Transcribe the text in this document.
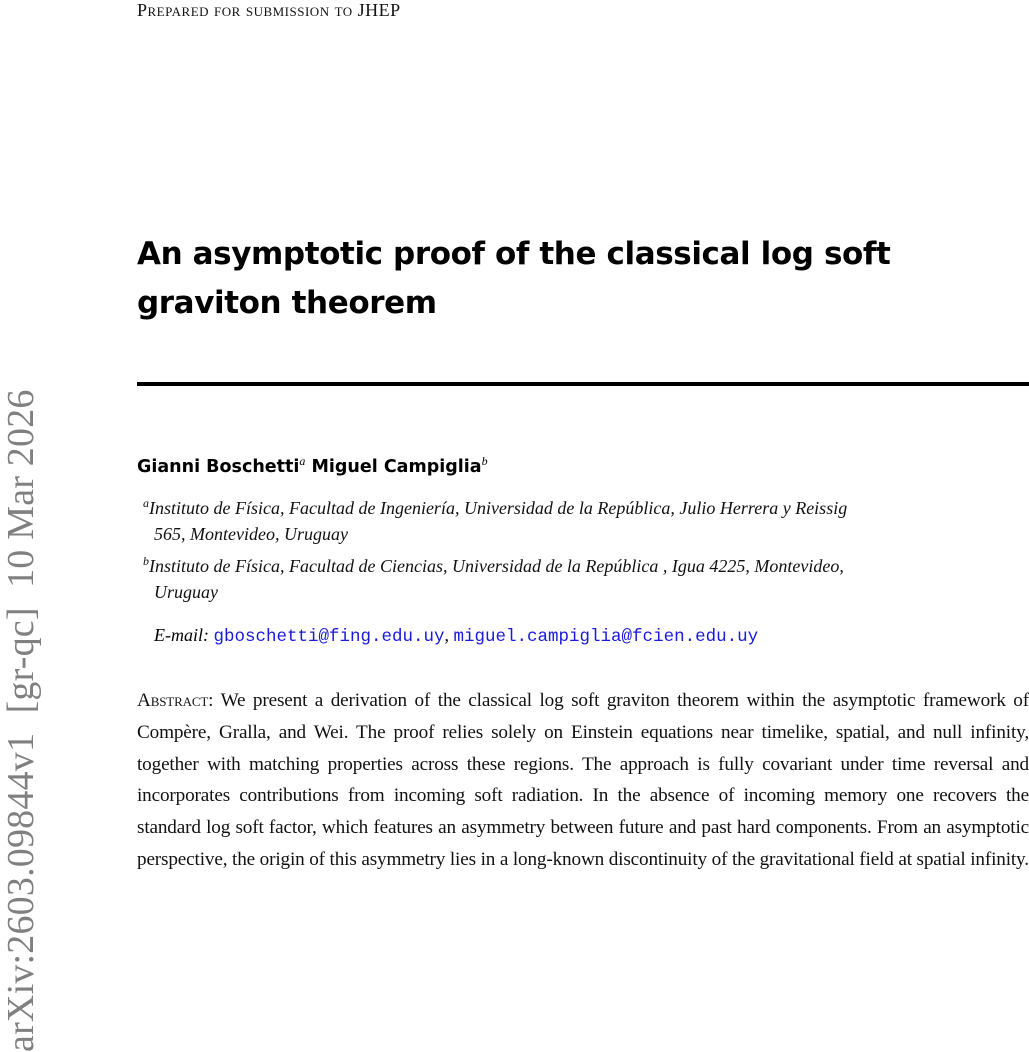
Prepared for submission to JHEP
arXiv:2603.09844v1  [gr-qc]  10 Mar 2026
An asymptotic proof of the classical log soft graviton theorem
Gianni Boschetti$^a$ Miguel Campiglia$^b$
$^a$Instituto de Física, Facultad de Ingeniería, Universidad de la República, Julio Herrera y Reissig
565, Montevideo, Uruguay
$^b$Instituto de Física, Facultad de Ciencias, Universidad de la República , Igua 4225, Montevideo,
Uruguay
E-mail: gboschetti@fing.edu.uy, miguel.campiglia@fcien.edu.uy
Abstract: We present a derivation of the classical log soft graviton theorem within the asymptotic framework of Compère, Gralla, and Wei. The proof relies solely on Einstein equations near timelike, spatial, and null infinity, together with matching properties across these regions. The approach is fully covariant under time reversal and incorporates contributions from incoming soft radiation. In the absence of incoming memory one recovers the standard log soft factor, which features an asymmetry between future and past hard components. From an asymptotic perspective, the origin of this asymmetry lies in a long-known discontinuity of the gravitational field at spatial infinity.
